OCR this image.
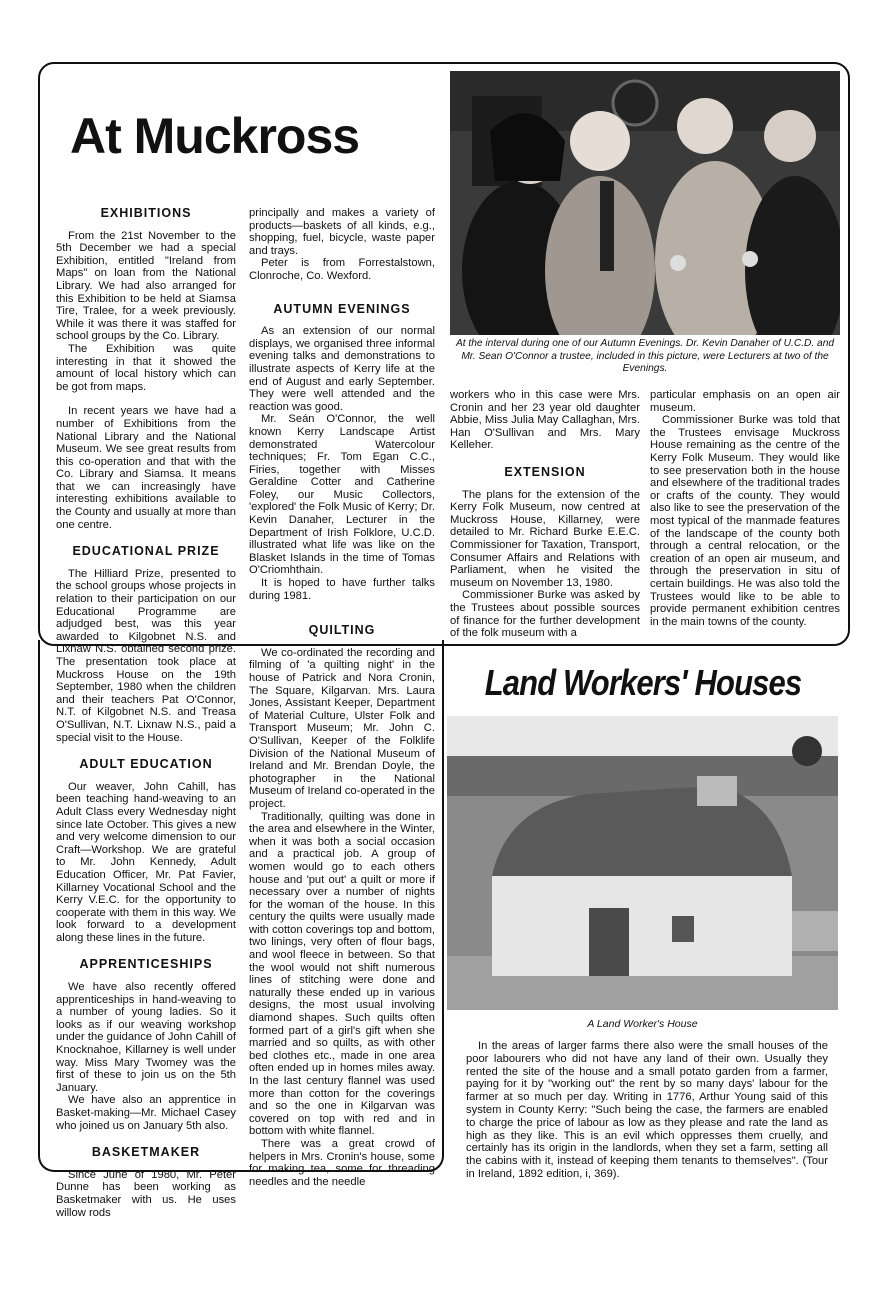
At Muckross
EXHIBITIONS

From the 21st November to the 5th December we had a special Exhibition, entitled "Ireland from Maps" on loan from the National Library. We had also arranged for this Exhibition to be held at Siamsa Tire, Tralee, for a week previously. While it was there it was staffed for school groups by the Co. Library.

The Exhibition was quite interesting in that it showed the amount of local history which can be got from maps.

In recent years we have had a number of Exhibitions from the National Library and the National Museum. We see great results from this co-operation and that with the Co. Library and Siamsa. It means that we can increasingly have interesting exhibitions available to the County and usually at more than one centre.

EDUCATIONAL PRIZE

The Hilliard Prize, presented to the school groups whose projects in relation to their participation on our Educational Programme are adjudged best, was this year awarded to Kilgobnet N.S. and Lixnaw N.S. obtained second prize. The presentation took place at Muckross House on the 19th September, 1980 when the children and their teachers Pat O'Connor, N.T. of Kilgobnet N.S. and Treasa O'Sullivan, N.T. Lixnaw N.S., paid a special visit to the House.

ADULT EDUCATION

Our weaver, John Cahill, has been teaching hand-weaving to an Adult Class every Wednesday night since late October. This gives a new and very welcome dimension to our Craft—Workshop. We are grateful to Mr. John Kennedy, Adult Education Officer, Mr. Pat Favier, Killarney Vocational School and the Kerry V.E.C. for the opportunity to cooperate with them in this way. We look forward to a development along these lines in the future.

APPRENTICESHIPS

We have also recently offered apprenticeships in hand-weaving to a number of young ladies. So it looks as if our weaving workshop under the guidance of John Cahill of Knocknahoe, Killarney is well under way. Miss Mary Twomey was the first of these to join us on the 5th January.

We have also an apprentice in Basket-making—Mr. Michael Casey who joined us on January 5th also.

BASKETMAKER

Since June of 1980, Mr. Peter Dunne has been working as Basketmaker with us. He uses willow rods

principally and makes a variety of products—baskets of all kinds, e.g., shopping, fuel, bicycle, waste paper and trays.

Peter is from Forrestalstown, Clonroche, Co. Wexford.

AUTUMN EVENINGS

As an extension of our normal displays, we organised three informal evening talks and demonstrations to illustrate aspects of Kerry life at the end of August and early September. They were well attended and the reaction was good.

Mr. Seán O'Connor, the well known Kerry Landscape Artist demonstrated Watercolour techniques; Fr. Tom Egan C.C., Firies, together with Misses Geraldine Cotter and Catherine Foley, our Music Collectors, 'explored' the Folk Music of Kerry; Dr. Kevin Danaher, Lecturer in the Department of Irish Folklore, U.C.D. illustrated what life was like on the Blasket Islands in the time of Tomas O'Criomhthain.

It is hoped to have further talks during 1981.

QUILTING

We co-ordinated the recording and filming of 'a quilting night' in the house of Patrick and Nora Cronin, The Square, Kilgarvan. Mrs. Laura Jones, Assistant Keeper, Department of Material Culture, Ulster Folk and Transport Museum; Mr. John C. O'Sullivan, Keeper of the Folklife Division of the National Museum of Ireland and Mr. Brendan Doyle, the photographer in the National Museum of Ireland co-operated in the project.

Traditionally, quilting was done in the area and elsewhere in the Winter, when it was both a social occasion and a practical job. A group of women would go to each others house and 'put out' a quilt or more if necessary over a number of nights for the woman of the house. In this century the quilts were usually made with cotton coverings top and bottom, two linings, very often of flour bags, and wool fleece in between. So that the wool would not shift numerous lines of stitching were done and naturally these ended up in various designs, the most usual involving diamond shapes. Such quilts often formed part of a girl's gift when she married and so quilts, as with other bed clothes etc., made in one area often ended up in homes miles away. In the last century flannel was used more than cotton for the coverings and so the one in Kilgarvan was covered on top with red and in bottom with white flannel.

There was a great crowd of helpers in Mrs. Cronin's house, some for making tea, some for threading needles and the needle

At the interval during one of our Autumn Evenings. Dr. Kevin Danaher of U.C.D. and Mr. Sean O'Connor a trustee, included in this picture, were Lecturers at two of the Evenings.

workers who in this case were Mrs. Cronin and her 23 year old daughter Abbie, Miss Julia May Callaghan, Mrs. Han O'Sullivan and Mrs. Mary Kelleher.

EXTENSION

The plans for the extension of the Kerry Folk Museum, now centred at Muckross House, Killarney, were detailed to Mr. Richard Burke E.E.C. Commissioner for Taxation, Transport, Consumer Affairs and Relations with Parliament, when he visited the museum on November 13, 1980.

Commissioner Burke was asked by the Trustees about possible sources of finance for the further development of the folk museum with a

particular emphasis on an open air museum.

Commissioner Burke was told that the Trustees envisage Muckross House remaining as the centre of the Kerry Folk Museum. They would like to see preservation both in the house and elsewhere of the traditional trades or crafts of the county. They would also like to see the preservation of the most typical of the manmade features of the landscape of the county both through a central relocation, or the creation of an open air museum, and through the preservation in situ of certain buildings. He was also told the Trustees would like to be able to provide permanent exhibition centres in the main towns of the county.

Land Workers' Houses
A Land Worker's House

In the areas of larger farms there also were the small houses of the poor labourers who did not have any land of their own. Usually they rented the site of the house and a small potato garden from a farmer, paying for it by "working out" the rent by so many days' labour for the farmer at so much per day. Writing in 1776, Arthur Young said of this system in County Kerry: "Such being the case, the farmers are enabled to charge the price of labour as low as they please and rate the land as high as they like. This is an evil which oppresses them cruelly, and certainly has its origin in the landlords, when they set a farm, setting all the cabins with it, instead of keeping them tenants to themselves". (Tour in Ireland, 1892 edition, i, 369).
